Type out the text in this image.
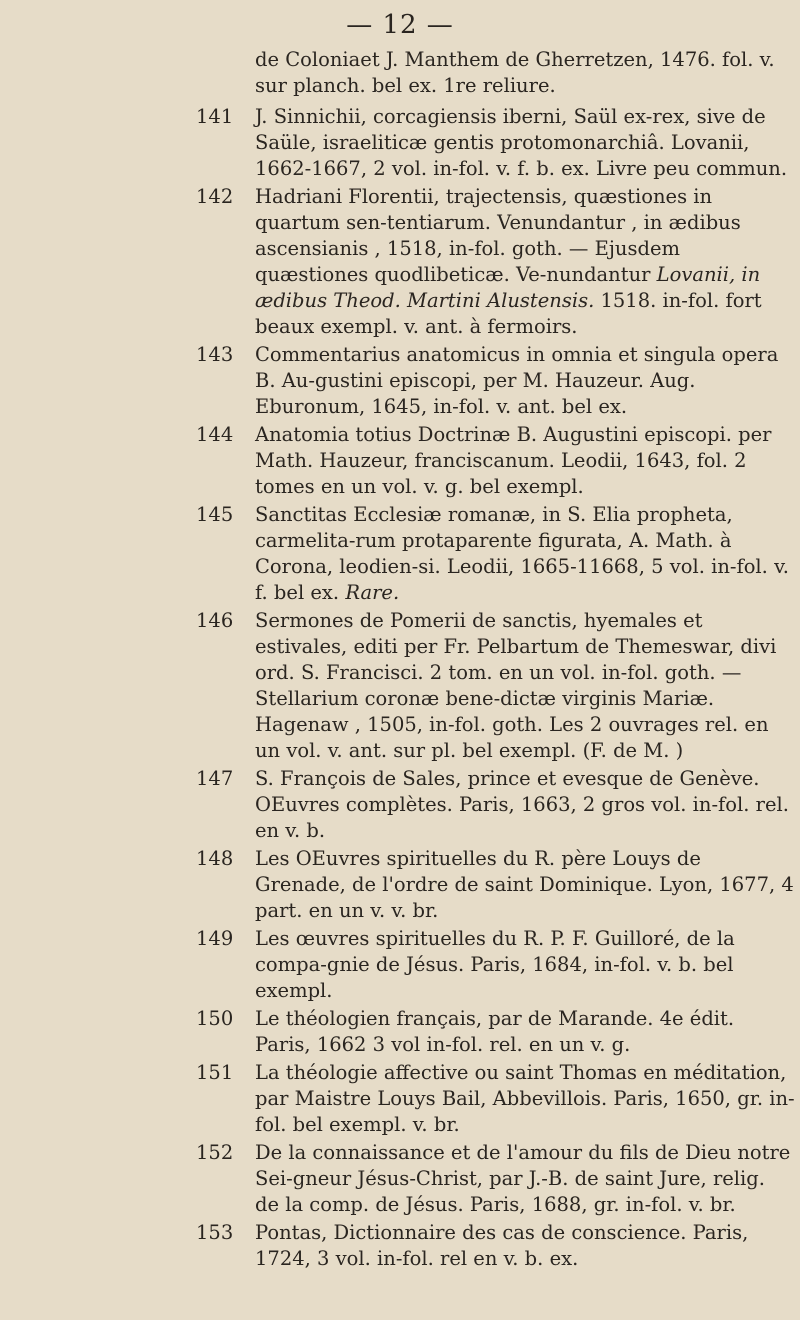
— 12 —

de Coloniaet J. Manthem de Gherretzen, 1476. fol. v. sur planch. bel ex. 1re reliure.

141	J. Sinnichii, corcagiensis iberni, Saül ex-rex, sive de Saüle, israeliticæ gentis protomonarchiâ. Lovanii, 1662-1667, 2 vol. in-fol. v. f. b. ex. Livre peu commun.
142	Hadriani Florentii, trajectensis, quæstiones in quartum sen-tentiarum. Venundantur , in ædibus ascensianis , 1518, in-fol. goth. — Ejusdem quæstiones quodlibeticæ. Ve-nundantur Lovanii, in ædibus Theod. Martini Alustensis. 1518. in-fol. fort beaux exempl. v. ant. à fermoirs.
143	Commentarius anatomicus in omnia et singula opera B. Au-gustini episcopi, per M. Hauzeur. Aug. Eburonum, 1645, in-fol. v. ant. bel ex.
144	Anatomia totius Doctrinæ B. Augustini episcopi. per Math. Hauzeur, franciscanum. Leodii, 1643, fol. 2 tomes en un vol. v. g. bel exempl.
145	Sanctitas Ecclesiæ romanæ, in S. Elia propheta, carmelita-rum protaparente figurata, A. Math. à Corona, leodien-si. Leodii, 1665-11668, 5 vol. in-fol. v. f. bel ex. Rare.
146	Sermones de Pomerii de sanctis, hyemales et estivales, editi per Fr. Pelbartum de Themeswar, divi ord. S. Francisci. 2 tom. en un vol. in-fol. goth. — Stellarium coronæ bene-dictæ virginis Mariæ. Hagenaw , 1505, in-fol. goth. Les 2 ouvrages rel. en un vol. v. ant. sur pl. bel exempl. (F. de M. )
147	S. François de Sales, prince et evesque de Genève. OEuvres complètes. Paris, 1663, 2 gros vol. in-fol. rel. en v. b.
148	Les OEuvres spirituelles du R. père Louys de Grenade, de l'ordre de saint Dominique. Lyon, 1677, 4 part. en un v. v. br.
149	Les œuvres spirituelles du R. P. F. Guilloré, de la compa-gnie de Jésus. Paris, 1684, in-fol. v. b. bel exempl.
150	Le théologien français, par de Marande. 4e édit. Paris, 1662 3 vol in-fol. rel. en un v. g.
151	La théologie affective ou saint Thomas en méditation, par Maistre Louys Bail, Abbevillois. Paris, 1650, gr. in-fol. bel exempl. v. br.
152	De la connaissance et de l'amour du fils de Dieu notre Sei-gneur Jésus-Christ, par J.-B. de saint Jure, relig. de la comp. de Jésus. Paris, 1688, gr. in-fol. v. br.
153	Pontas, Dictionnaire des cas de conscience. Paris, 1724, 3 vol. in-fol. rel en v. b. ex.
